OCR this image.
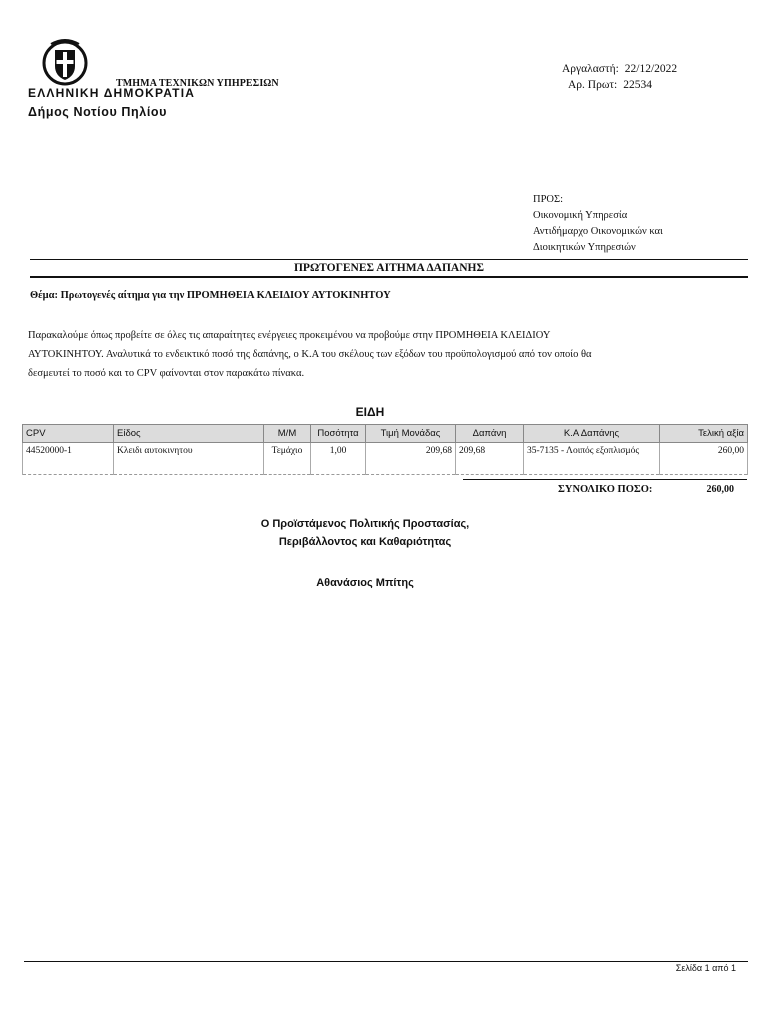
ΤΜΗΜΑ ΤΕΧΝΙΚΩΝ ΥΠΗΡΕΣΙΩΝ
ΕΛΛΗΝΙΚΗ ΔΗΜΟΚΡΑΤΙΑ
Δήμος Νοτίου Πηλίου
Αργαλαστή: 22/12/2022
Αρ. Πρωτ: 22534
ΠΡΟΣ:
Οικονομική Υπηρεσία
Αντιδήμαρχο Οικονομικών και
Διοικητικών Υπηρεσιών
ΠΡΩΤΟΓΕΝΕΣ ΑΙΤΗΜΑ ΔΑΠΑΝΗΣ
Θέμα: Πρωτογενές αίτημα για την ΠΡΟΜΗΘΕΙΑ ΚΛΕΙΔΙΟΥ ΑΥΤΟΚΙΝΗΤΟΥ
Παρακαλούμε όπως προβείτε σε όλες τις απαραίτητες ενέργειες προκειμένου να προβούμε στην ΠΡΟΜΗΘΕΙΑ ΚΛΕΙΔΙΟΥ
ΑΥΤΟΚΙΝΗΤΟΥ. Αναλυτικά το ενδεικτικό ποσό της δαπάνης, ο Κ.Α του σκέλους των εξόδων του προϋπολογισμού από τον οποίο θα
δεσμευτεί το ποσό και το CPV φαίνονται στον παρακάτω πίνακα.
ΕΙΔΗ
CPV	Είδος	Μ/Μ	Ποσότητα	Τιμή Μονάδας	Δαπάνη	Κ.Α Δαπάνης	Τελική αξία
44520000-1	Κλειδι αυτοκινητου	Τεμάχιο	1,00	209,68	209,68	35-7135 - Λοιπός εξοπλισμός	260,00
ΣΥΝΟΛΙΚΟ ΠΟΣΟ:	260,00
Ο Προϊστάμενος Πολιτικής Προστασίας,
Περιβάλλοντος και Καθαριότητας
Αθανάσιος Μπίτης
Σελίδα 1 από 1
